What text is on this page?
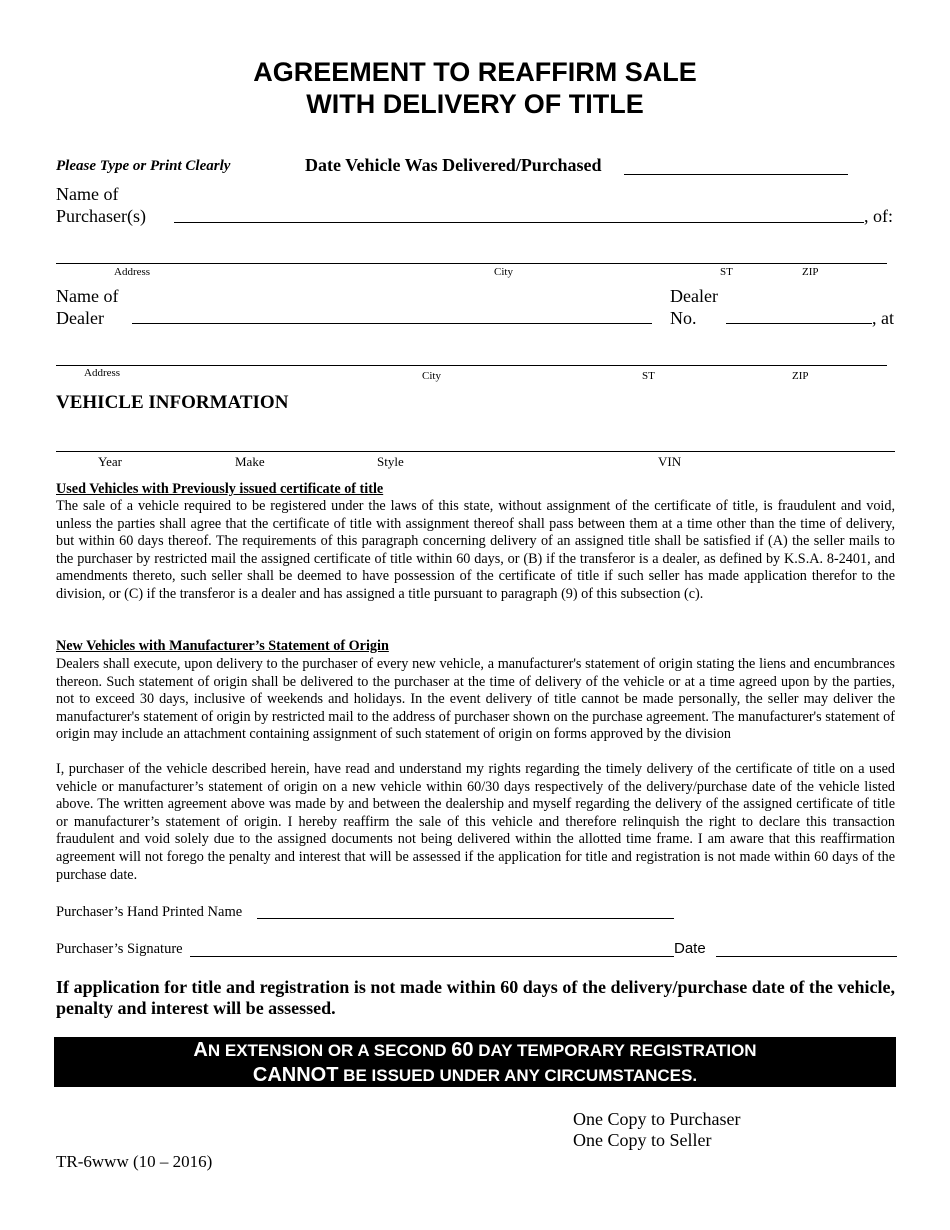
AGREEMENT TO REAFFIRM SALE
WITH DELIVERY OF TITLE
Please Type or Print Clearly	Date Vehicle Was Delivered/Purchased
Name of
Purchaser(s)	, of:
Address	City	ST	ZIP
Name of
Dealer
Dealer
No.	, at
Address	City	ST	ZIP
VEHICLE INFORMATION
Year	Make	Style	VIN
Used Vehicles with Previously issued certificate of title
The sale of a vehicle required to be registered under the laws of this state, without assignment of the certificate of title, is fraudulent and void, unless the parties shall agree that the certificate of title with assignment thereof shall pass between them at a time other than the time of delivery, but within 60 days thereof. The requirements of this paragraph concerning delivery of an assigned title shall be satisfied if (A) the seller mails to the purchaser by restricted mail the assigned certificate of title within 60 days, or (B) if the transferor is a dealer, as defined by K.S.A. 8-2401, and amendments thereto, such seller shall be deemed to have possession of the certificate of title if such seller has made application therefor to the division, or (C) if the transferor is a dealer and has assigned a title pursuant to paragraph (9) of this subsection (c).
New Vehicles with Manufacturer’s Statement of Origin
Dealers shall execute, upon delivery to the purchaser of every new vehicle, a manufacturer's statement of origin stating the liens and encumbrances thereon. Such statement of origin shall be delivered to the purchaser at the time of delivery of the vehicle or at a time agreed upon by the parties, not to exceed 30 days, inclusive of weekends and holidays. In the event delivery of title cannot be made personally, the seller may deliver the manufacturer's statement of origin by restricted mail to the address of purchaser shown on the purchase agreement. The manufacturer's statement of origin may include an attachment containing assignment of such statement of origin on forms approved by the division
I, purchaser of the vehicle described herein, have read and understand my rights regarding the timely delivery of the certificate of title on a used vehicle or manufacturer’s statement of origin on a new vehicle within 60/30 days respectively of the delivery/purchase date of the vehicle listed above. The written agreement above was made by and between the dealership and myself regarding the delivery of the assigned certificate of title or manufacturer’s statement of origin. I hereby reaffirm the sale of this vehicle and therefore relinquish the right to declare this transaction fraudulent and void solely due to the assigned documents not being delivered within the allotted time frame. I am aware that this reaffirmation agreement will not forego the penalty and interest that will be assessed if the application for title and registration is not made within 60 days of the purchase date.
Purchaser’s Hand Printed Name
Purchaser’s Signature	Date
If application for title and registration is not made within 60 days of the delivery/purchase date of the vehicle, penalty and interest will be assessed.
AN EXTENSION OR A SECOND 60 DAY TEMPORARY REGISTRATION
CANNOT BE ISSUED UNDER ANY CIRCUMSTANCES.
One Copy to Purchaser
One Copy to Seller
TR-6www (10 – 2016)
